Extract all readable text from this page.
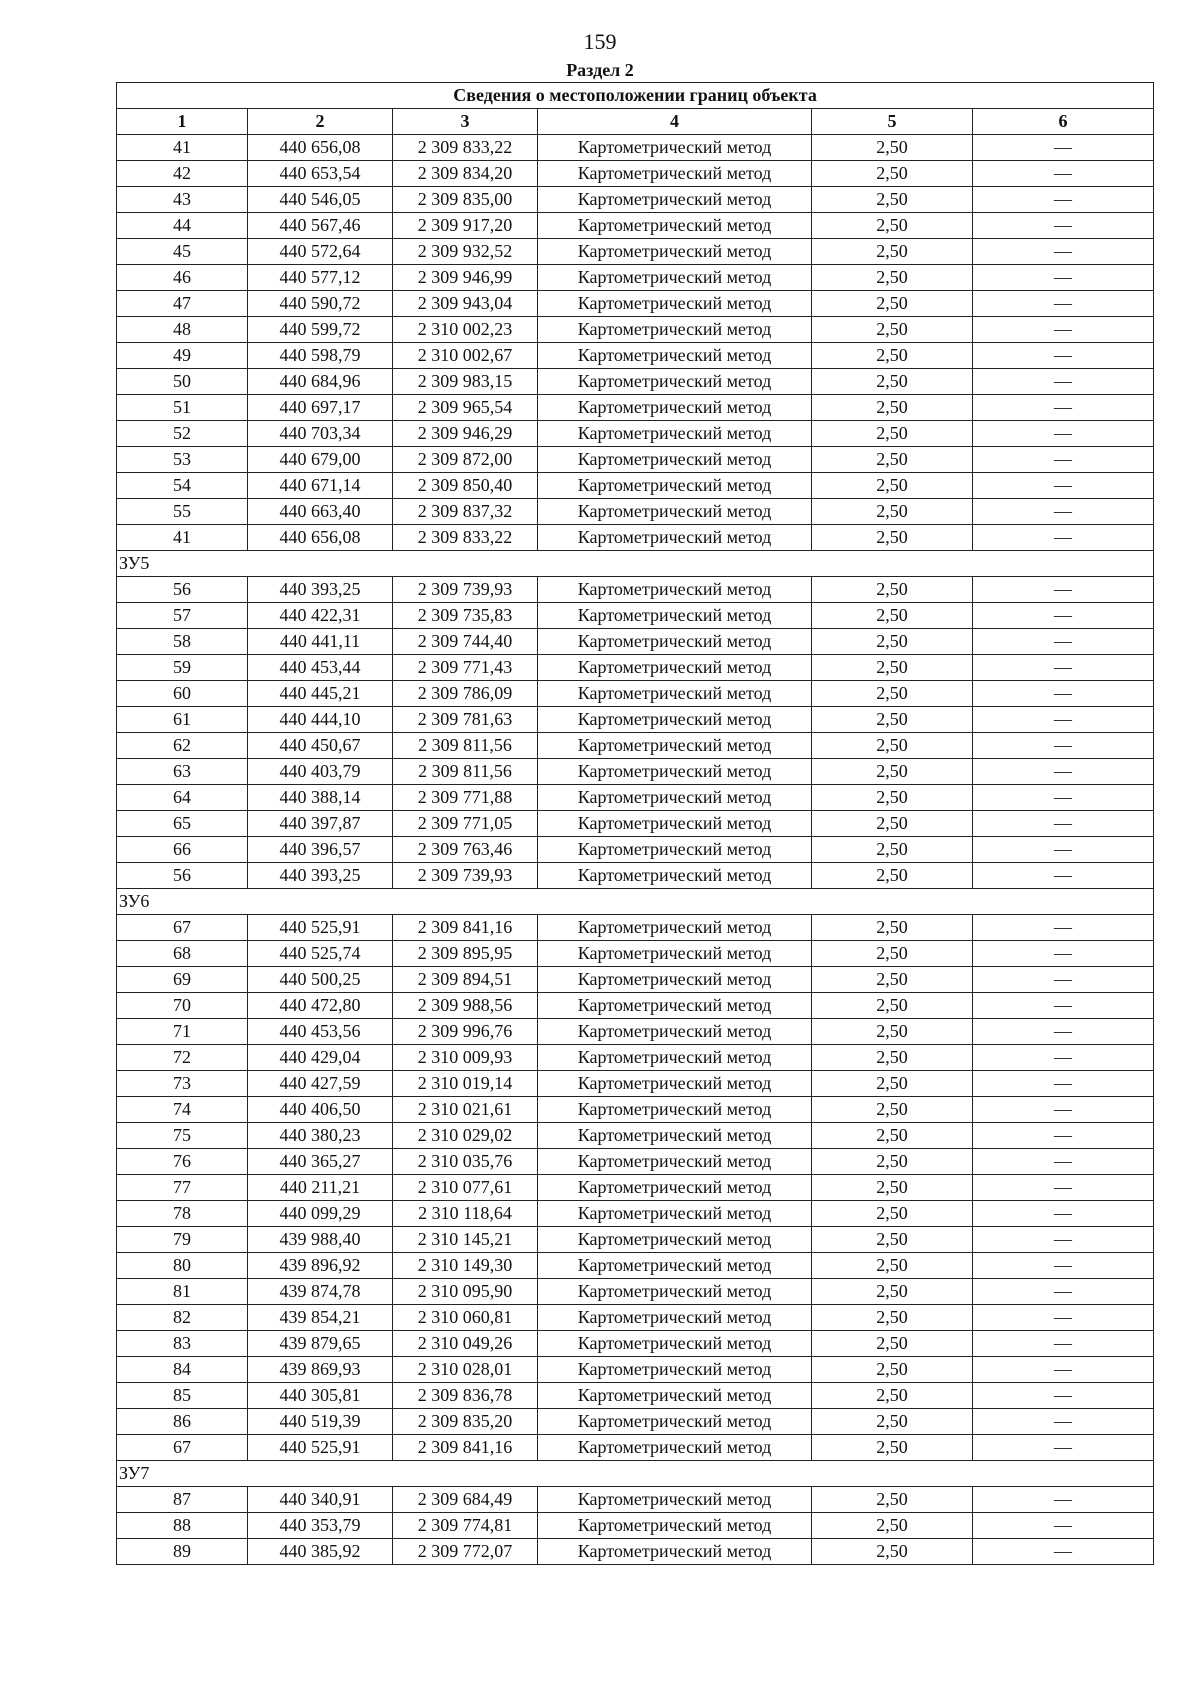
159
Раздел 2
Сведения о местоположении границ объекта					
1	2	3	4	5	6
41	440 656,08	2 309 833,22	Картометрический метод	2,50	—
42	440 653,54	2 309 834,20	Картометрический метод	2,50	—
43	440 546,05	2 309 835,00	Картометрический метод	2,50	—
44	440 567,46	2 309 917,20	Картометрический метод	2,50	—
45	440 572,64	2 309 932,52	Картометрический метод	2,50	—
46	440 577,12	2 309 946,99	Картометрический метод	2,50	—
47	440 590,72	2 309 943,04	Картометрический метод	2,50	—
48	440 599,72	2 310 002,23	Картометрический метод	2,50	—
49	440 598,79	2 310 002,67	Картометрический метод	2,50	—
50	440 684,96	2 309 983,15	Картометрический метод	2,50	—
51	440 697,17	2 309 965,54	Картометрический метод	2,50	—
52	440 703,34	2 309 946,29	Картометрический метод	2,50	—
53	440 679,00	2 309 872,00	Картометрический метод	2,50	—
54	440 671,14	2 309 850,40	Картометрический метод	2,50	—
55	440 663,40	2 309 837,32	Картометрический метод	2,50	—
41	440 656,08	2 309 833,22	Картометрический метод	2,50	—
ЗУ5					
56	440 393,25	2 309 739,93	Картометрический метод	2,50	—
57	440 422,31	2 309 735,83	Картометрический метод	2,50	—
58	440 441,11	2 309 744,40	Картометрический метод	2,50	—
59	440 453,44	2 309 771,43	Картометрический метод	2,50	—
60	440 445,21	2 309 786,09	Картометрический метод	2,50	—
61	440 444,10	2 309 781,63	Картометрический метод	2,50	—
62	440 450,67	2 309 811,56	Картометрический метод	2,50	—
63	440 403,79	2 309 811,56	Картометрический метод	2,50	—
64	440 388,14	2 309 771,88	Картометрический метод	2,50	—
65	440 397,87	2 309 771,05	Картометрический метод	2,50	—
66	440 396,57	2 309 763,46	Картометрический метод	2,50	—
56	440 393,25	2 309 739,93	Картометрический метод	2,50	—
ЗУ6					
67	440 525,91	2 309 841,16	Картометрический метод	2,50	—
68	440 525,74	2 309 895,95	Картометрический метод	2,50	—
69	440 500,25	2 309 894,51	Картометрический метод	2,50	—
70	440 472,80	2 309 988,56	Картометрический метод	2,50	—
71	440 453,56	2 309 996,76	Картометрический метод	2,50	—
72	440 429,04	2 310 009,93	Картометрический метод	2,50	—
73	440 427,59	2 310 019,14	Картометрический метод	2,50	—
74	440 406,50	2 310 021,61	Картометрический метод	2,50	—
75	440 380,23	2 310 029,02	Картометрический метод	2,50	—
76	440 365,27	2 310 035,76	Картометрический метод	2,50	—
77	440 211,21	2 310 077,61	Картометрический метод	2,50	—
78	440 099,29	2 310 118,64	Картометрический метод	2,50	—
79	439 988,40	2 310 145,21	Картометрический метод	2,50	—
80	439 896,92	2 310 149,30	Картометрический метод	2,50	—
81	439 874,78	2 310 095,90	Картометрический метод	2,50	—
82	439 854,21	2 310 060,81	Картометрический метод	2,50	—
83	439 879,65	2 310 049,26	Картометрический метод	2,50	—
84	439 869,93	2 310 028,01	Картометрический метод	2,50	—
85	440 305,81	2 309 836,78	Картометрический метод	2,50	—
86	440 519,39	2 309 835,20	Картометрический метод	2,50	—
67	440 525,91	2 309 841,16	Картометрический метод	2,50	—
ЗУ7					
87	440 340,91	2 309 684,49	Картометрический метод	2,50	—
88	440 353,79	2 309 774,81	Картометрический метод	2,50	—
89	440 385,92	2 309 772,07	Картометрический метод	2,50	—
